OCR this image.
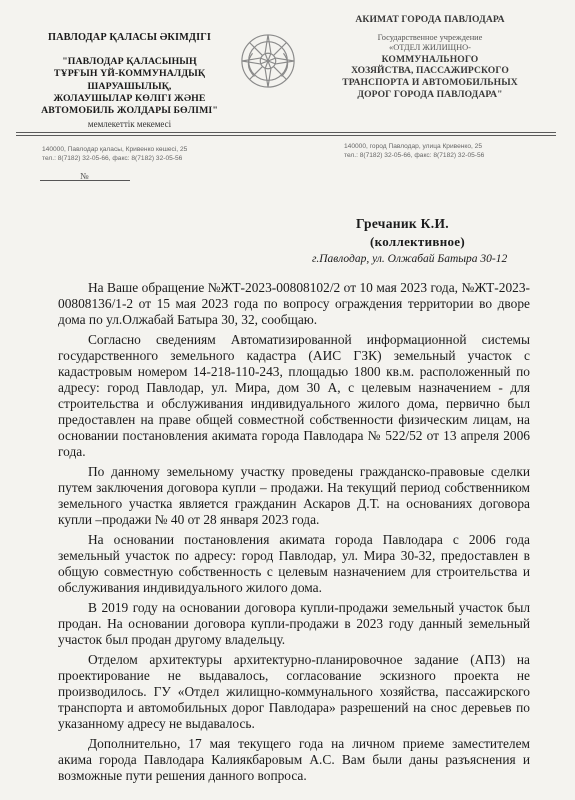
ПАВЛОДАР ҚАЛАСЫ ӘКІМДІГІ
"ПАВЛОДАР ҚАЛАСЫНЫҢ
ТҰРҒЫН ҮЙ-КОММУНАЛДЫҚ
ШАРУАШЫЛЫҚ,
ЖОЛАУШЫЛАР КӨЛІГІ ЖӘНЕ
АВТОМОБИЛЬ ЖОЛДАРЫ БӨЛІМІ"
мемлекеттік мекемесі
АКИМАТ ГОРОДА ПАВЛОДАРА
Государственное учреждение
«ОТДЕЛ ЖИЛИЩНО-
КОММУНАЛЬНОГО
ХОЗЯЙСТВА, ПАССАЖИРСКОГО
ТРАНСПОРТА И АВТОМОБИЛЬНЫХ
ДОРОГ ГОРОДА ПАВЛОДАРА"
140000, Павлодар қаласы, Кривенко көшесі, 25
тел.: 8(7182) 32-05-66, факс: 8(7182) 32-05-56
140000, город Павлодар, улица Кривенко, 25
тел.: 8(7182) 32-05-66, факс: 8(7182) 32-05-56
№
Гречаник К.И.
(коллективное)
г.Павлодар, ул. Олжабай Батыра 30-12

На Ваше обращение №ЖТ-2023-00808102/2 от 10 мая 2023 года, №ЖТ-2023-00808136/1-2 от 15 мая 2023 года по вопросу ограждения территории во дворе дома по ул.Олжабай Батыра 30, 32, сообщаю.

Согласно сведениям Автоматизированной информационной системы государственного земельного кадастра (АИС ГЗК) земельный участок с кадастровым номером 14-218-110-243, площадью 1800 кв.м. расположенный по адресу: город Павлодар, ул. Мира, дом 30 А, с целевым назначением - для строительства и обслуживания индивидуального жилого дома, первично был предоставлен на праве общей совместной собственности физическим лицам, на основании постановления акимата города Павлодара № 522/52 от 13 апреля 2006 года.

По данному земельному участку проведены гражданско-правовые сделки путем заключения договора купли – продажи. На текущий период собственником земельного участка является гражданин Аскаров Д.Т. на основаниях договора купли –продажи № 40 от 28 января 2023 года.

На основании постановления акимата города Павлодара с 2006 года земельный участок по адресу: город Павлодар, ул. Мира 30-32, предоставлен в общую совместную собственность с целевым назначением для строительства и обслуживания индивидуального жилого дома.

В 2019 году на основании договора купли-продажи земельный участок был продан. На основании договора купли-продажи в 2023 году данный земельный участок был продан другому владельцу.

Отделом архитектуры архитектурно-планировочное задание (АПЗ) на проектирование не выдавалось, согласование эскизного проекта не производилось. ГУ «Отдел жилищно-коммунального хозяйства, пассажирского транспорта и автомобильных дорог Павлодара» разрешений на снос деревьев по указанному адресу не выдавалось.

Дополнительно, 17 мая текущего года на личном приеме заместителем акима города Павлодара Калиякбаровым А.С. Вам были даны разъяснения и возможные пути решения данного вопроса.
